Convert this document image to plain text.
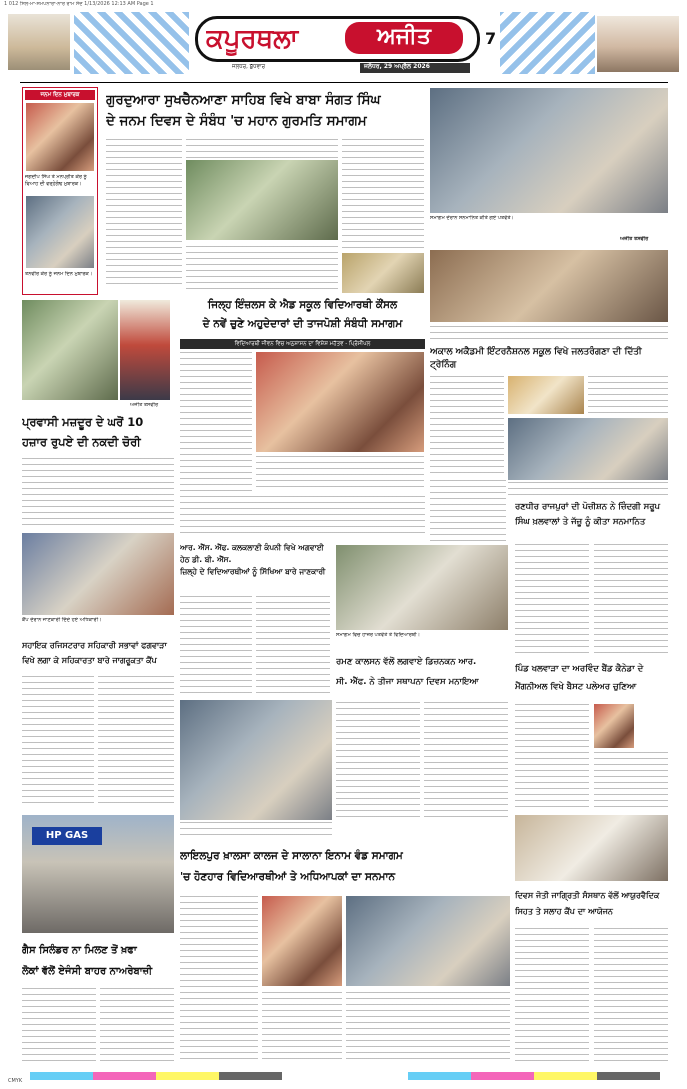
1 012 ਸਿਲ-ਮਾ-ਸਮਪਨਾਰਾ-ਨਾਰ ਰਾਮ ਸੰਦ 1/13/2026 12:13 AM Page 1
ਕਪੂਰਥਲਾ	ਅਜੀਤ	7
ਜਲੰਧਰ, ਬੁੱਧਵਾਰ	ਜਲੰਧਰ, 29 ਅਪ੍ਰੈਲ 2026
ਜਨਮ ਦਿਨ ਮੁਬਾਰਕ
ਜਗਦੀਪ ਸਿੰਘ ਤੇ ਮਨਪ੍ਰੀਤ ਕੌਰ ਨੂੰ ਵਿਆਹ ਦੀ ਵਰ੍ਹੇਗੰਢ ਮੁਬਾਰਕ।
ਤਨਵੀਰ ਕੌਰ ਨੂੰ ਜਨਮ ਦਿਨ ਮੁਬਾਰਕ।
ਗੁਰਦੁਆਰਾ ਸੁਖਚੈਨਆਣਾ ਸਾਹਿਬ ਵਿਖੇ ਬਾਬਾ ਸੰਗਤ ਸਿੰਘ
ਦੇ ਜਨਮ ਦਿਵਸ ਦੇ ਸੰਬੰਧ 'ਚ ਮਹਾਨ ਗੁਰਮਤਿ ਸਮਾਗਮ
ਸਮਾਗਮ ਦੌਰਾਨ ਸਨਮਾਨਿਤ ਕੀਤੇ ਗਏ ਪਤਵੰਤੇ।
ਅਜੀਤ ਤਸਵੀਰ
ਅਜੀਤ ਤਸਵੀਰ
ਜਿਲ੍ਹ ਇੰਜ਼ਲਸ ਕੇ ਐਡ ਸਕੂਲ ਵਿਦਿਆਰਥੀ ਕੌਂਸਲ
ਦੇ ਨਵੇਂ ਚੁਣੇ ਅਹੁਦੇਦਾਰਾਂ ਦੀ ਤਾਜਪੋਸ਼ੀ ਸੰਬੰਧੀ ਸਮਾਗਮ
ਵਿਦਿਆਰਥੀ ਜੀਵਨ ਵਿਚ ਅਨੁਸ਼ਾਸਨ ਦਾ ਵਿਸ਼ੇਸ਼ ਮਹੱਤਵ - ਪ੍ਰਿੰਸੀਪਲ
ਪ੍ਰਵਾਸੀ ਮਜ਼ਦੂਰ ਦੇ ਘਰੋਂ 10
ਹਜ਼ਾਰ ਰੁਪਏ ਦੀ ਨਕਦੀ ਚੋਰੀ
ਅਕਾਲ ਅਕੈਡਮੀ ਇੰਟਰਨੈਸ਼ਨਲ ਸਕੂਲ ਵਿਖੇ ਜਲਤਰੰਗਣਾ ਦੀ ਦਿੱਤੀ ਟ੍ਰੇਨਿੰਗ
ਰਣਧੀਰ ਰਾਜਪੁਰਾਂ ਦੀ ਪੋਜ਼ੀਸ਼ਨ ਨੇ ਜ਼ਿੰਦਗੀ ਸਰੂਪ
ਸਿੰਘ ਖ਼ਲਵਾਲਾਂ ਤੇ ਜੱਜ਼ੂ ਨੂੰ ਕੀਤਾ ਸਨਮਾਨਿਤ
ਕੈਂਪ ਦੌਰਾਨ ਜਾਣਕਾਰੀ ਦਿੰਦੇ ਹੋਏ ਅਧਿਕਾਰੀ।
ਸਹਾਇਕ ਰਜਿਸਟਰਾਰ ਸਹਿਕਾਰੀ ਸਭਾਵਾਂ ਫਗਵਾੜਾ
ਵਿਖੇ ਲਗਾ ਕੇ ਸਹਿਕਾਰਤਾ ਬਾਰੇ ਜਾਗਰੂਕਤਾ ਕੈਂਪ
ਆਰ. ਐੱਸ. ਐੱਫ. ਕਲਕਲਾਣੀ ਕੰਪਨੀ ਵਿਖੇ ਅਗਵਾਈ ਹੇਠ ਡੀ. ਬੀ. ਐੱਸ.
ਜ਼ਿਲ੍ਹੇ ਦੇ ਵਿਦਿਆਰਥੀਆਂ ਨੂੰ ਸਿੱਖਿਆ ਬਾਰੇ ਜਾਣਕਾਰੀ
ਸਮਾਗਮ ਵਿਚ ਹਾਜ਼ਰ ਪਤਵੰਤੇ ਤੇ ਵਿਦਿਆਰਥੀ।
ਰਮਣ ਕਾਲਸਨ ਵੱਲੋਂ ਲਗਵਾਏ ਡਿਜ਼ਨਕਨ ਆਰ.
ਸੀ. ਐੱਫ. ਨੇ ਤੀਜਾ ਸਥਾਪਨਾ ਦਿਵਸ ਮਨਾਇਆ
ਪਿੰਡ ਖਲਵਾੜਾ ਦਾ ਅਰਵਿੰਦ ਬੈਂਡ ਕੈਨੇਡਾ ਦੇ
ਮੈਂਗਨੀਅਲ ਵਿਖੇ ਬੈਸਟ ਪਲੇਅਰ ਚੁਣਿਆ
ਲਾਇਲਪੁਰ ਖ਼ਾਲਸਾ ਕਾਲਜ ਦੇ ਸਾਲਾਨਾ ਇਨਾਮ ਵੰਡ ਸਮਾਗਮ
'ਚ ਹੋਣਹਾਰ ਵਿਦਿਆਰਥੀਆਂ ਤੇ ਅਧਿਆਪਕਾਂ ਦਾ ਸਨਮਾਨ
HP GAS
ਗੈਸ ਸਿਲੰਡਰ ਨਾ ਮਿਲਣ ਤੋਂ ਖ਼ਫਾ
ਲੋਕਾਂ ਵੱਲੋਂ ਏਜੰਸੀ ਬਾਹਰ ਨਾਅਰੇਬਾਜ਼ੀ
ਦਿਵਸ ਜੋਤੀ ਜਾਗ੍ਰਿਤੀ ਸੰਸਥਾਨ ਵੱਲੋਂ ਆਯੁਰਵੈਦਿਕ
ਸਿਹਤ ਤੇ ਸਲਾਹ ਕੈਂਪ ਦਾ ਆਯੋਜਨ
CMYK
